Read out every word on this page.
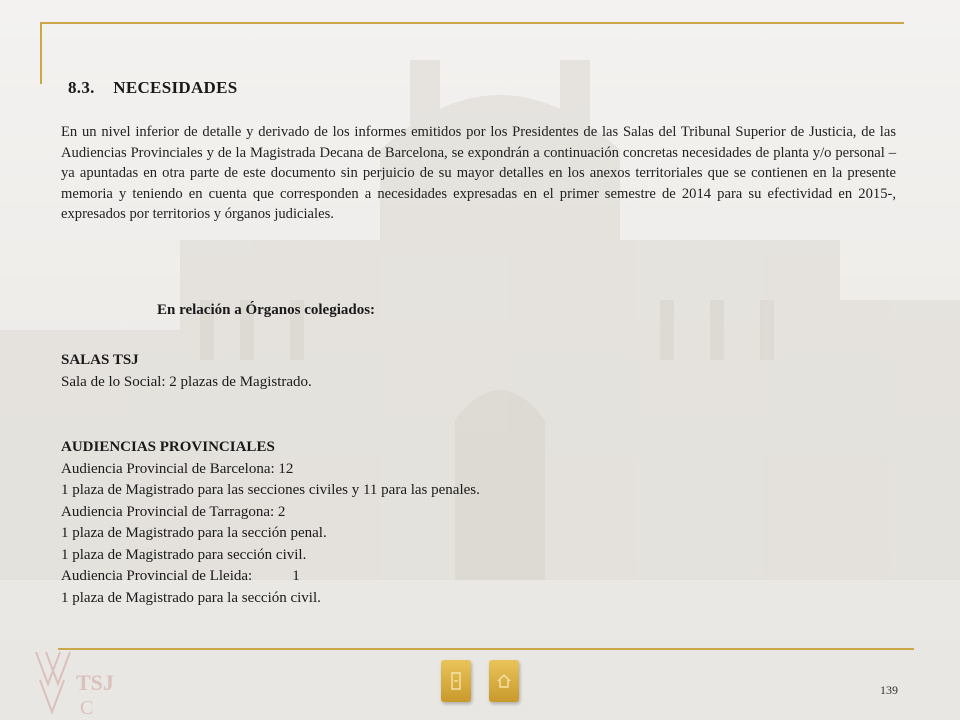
8.3. NECESIDADES

En un nivel inferior de detalle y derivado de los informes emitidos por los Presidentes de las Salas del Tribunal Superior de Justicia, de las Audiencias Provinciales y de la Magistrada Decana de Barcelona, se expondrán a continuación concretas necesidades de planta y/o personal – ya apuntadas en otra parte de este documento sin perjuicio de su mayor detalles en los anexos territoriales que se contienen en la presente memoria y teniendo en cuenta que corresponden a necesidades expresadas en el primer semestre de 2014 para su efectividad en 2015-, expresados por territorios y órganos judiciales.

En relación a Órganos colegiados:
SALAS TSJ
Sala de lo Social: 2 plazas de Magistrado.
AUDIENCIAS PROVINCIALES
Audiencia Provincial de Barcelona: 12
1 plaza de Magistrado para las secciones civiles y 11 para las penales.
Audiencia Provincial de Tarragona: 2
1 plaza de Magistrado para la sección penal.
1 plaza de Magistrado para sección civil.
Audiencia Provincial de Lleida:	1
1 plaza de Magistrado para la sección civil.
TSJ
C
139
